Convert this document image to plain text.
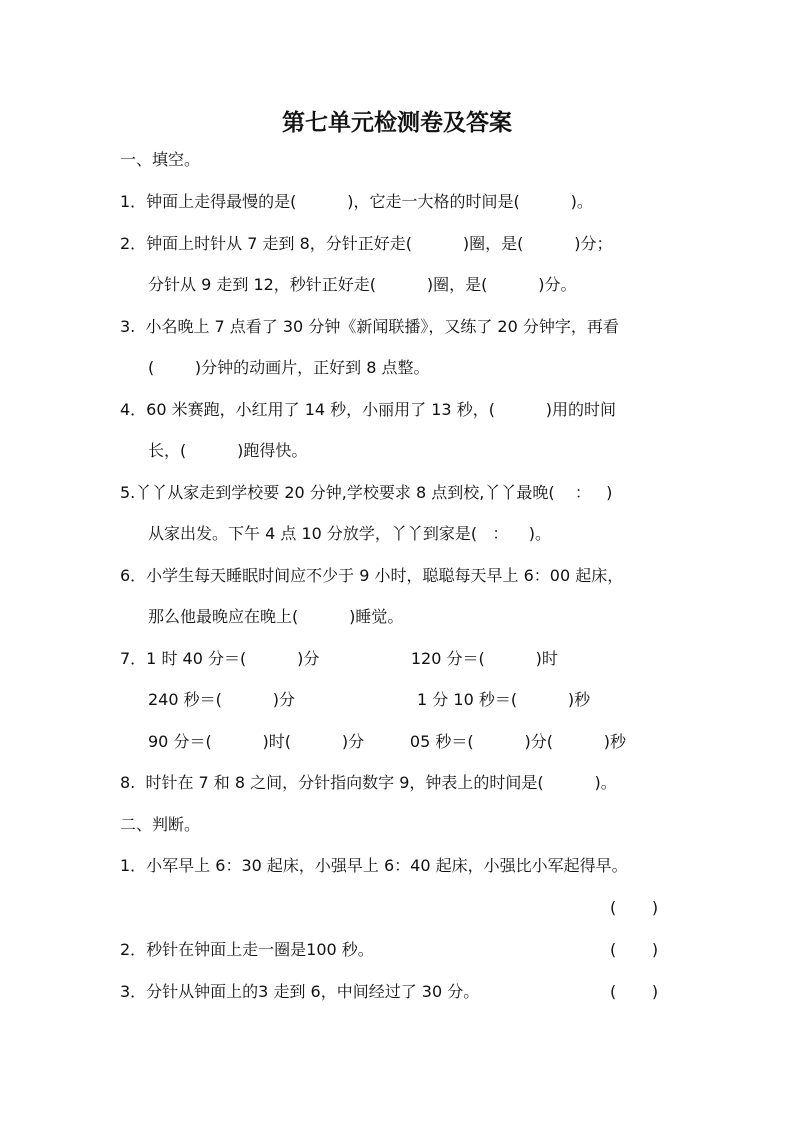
第七单元检测卷及答案
一、填空。
1．钟面上走得最慢的是(          )，它走一大格的时间是(          )。
2．钟面上时针从 7 走到 8，分针正好走(          )圈，是(          )分；
分针从 9 走到 12，秒针正好走(          )圈，是(          )分。
3.  小名晚上 7 点看了 30 分钟《新闻联播》，又练了 20 分钟字，再看
(        )分钟的动画片，正好到 8 点整。
4．60 米赛跑，小红用了 14 秒，小丽用了 13 秒，(          )用的时间
长，(          )跑得快。
5.丫丫从家走到学校要 20 分钟,学校要求 8 点到校,丫丫最晚(    ：   )
从家出发。下午 4 点 10 分放学，丫丫到家是(   ：    )。
6．小学生每天睡眠时间应不少于 9 小时，聪聪每天早上 6：00 起床，
那么他最晚应在晚上(          )睡觉。
7．1 时 40 分＝(          )分                  120 分＝(          )时
240 秒＝(          )分                        1 分 10 秒＝(          )秒
90 分＝(          )时(          )分         05 秒＝(          )分(          )秒
8.  时针在 7 和 8 之间，分针指向数字 9，钟表上的时间是(          )。
二、判断。
1．小军早上 6：30 起床，小强早上 6：40 起床，小强比小军起得早。
(       )
2．秒针在钟面上走一圈是100 秒。	(       )
3．分针从钟面上的3 走到 6，中间经过了 30 分。	(       )
